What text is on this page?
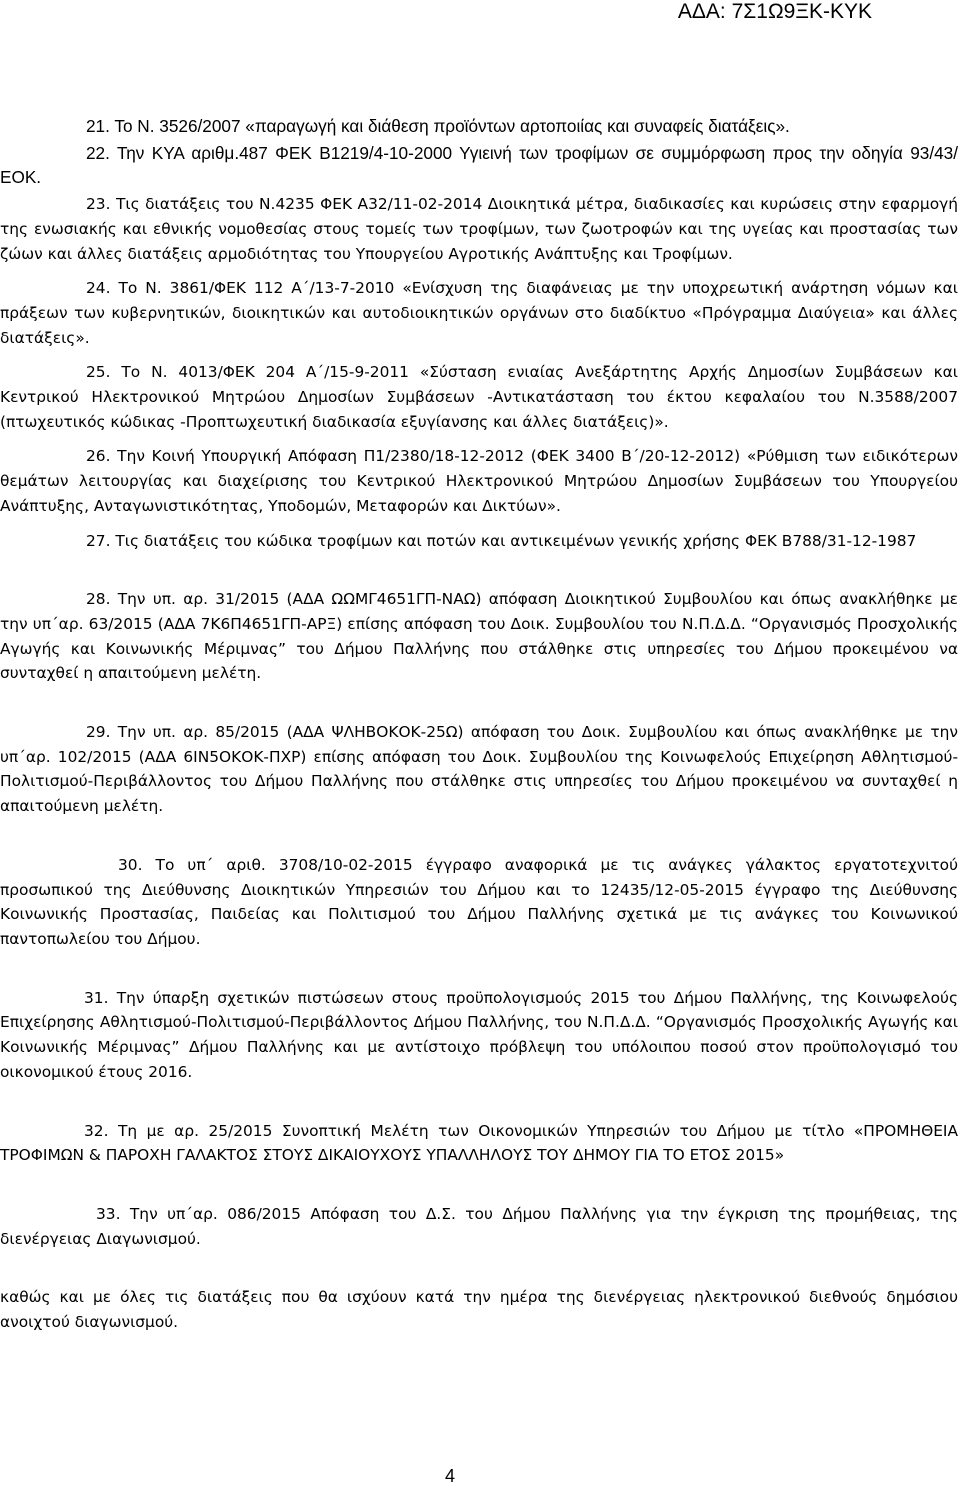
ΑΔΑ: 7Σ1Ω9ΞΚ-ΚΥΚ

21. Το Ν. 3526/2007 «παραγωγή και διάθεση προϊόντων αρτοποιίας και συναφείς διατάξεις».

22. Την ΚΥΑ αριθμ.487 ΦΕΚ Β1219/4-10-2000 Υγιεινή των τροφίμων σε συμμόρφωση προς την οδηγία 93/43/ΕΟΚ.

23. Τις διατάξεις του Ν.4235 ΦΕΚ Α32/11-02-2014 Διοικητικά μέτρα, διαδικασίες και κυρώσεις στην εφαρμογή της ενωσιακής και εθνικής νομοθεσίας στους τομείς των τροφίμων, των ζωοτροφών και της υγείας και προστασίας των ζώων και άλλες διατάξεις αρμοδιότητας του Υπουργείου Αγροτικής Ανάπτυξης και Τροφίμων.

24. Το Ν. 3861/ΦΕΚ 112 Α΄/13-7-2010 «Ενίσχυση της διαφάνειας με την υποχρεωτική ανάρτηση νόμων και πράξεων των κυβερνητικών, διοικητικών και αυτοδιοικητικών οργάνων στο διαδίκτυο «Πρόγραμμα Διαύγεια» και άλλες διατάξεις».

25. Το Ν. 4013/ΦΕΚ 204 Α΄/15-9-2011 «Σύσταση ενιαίας Ανεξάρτητης Αρχής Δημοσίων Συμβάσεων και Κεντρικού Ηλεκτρονικού Μητρώου Δημοσίων Συμβάσεων -Αντικατάσταση του έκτου κεφαλαίου του Ν.3588/2007 (πτωχευτικός κώδικας -Προπτωχευτική διαδικασία εξυγίανσης και άλλες διατάξεις)».

26. Την Κοινή Υπουργική Απόφαση Π1/2380/18-12-2012 (ΦΕΚ 3400 Β΄/20-12-2012) «Ρύθμιση των ειδικότερων θεμάτων λειτουργίας και διαχείρισης του Κεντρικού Ηλεκτρονικού Μητρώου Δημοσίων Συμβάσεων του Υπουργείου Ανάπτυξης, Ανταγωνιστικότητας, Υποδομών, Μεταφορών και Δικτύων».

27. Τις διατάξεις του κώδικα τροφίμων και ποτών και αντικειμένων γενικής χρήσης ΦΕΚ Β788/31-12-1987

28. Την υπ. αρ. 31/2015 (ΑΔΑ ΩΩΜΓ4651ΓΠ-ΝΑΩ) απόφαση Διοικητικού Συμβουλίου και όπως ανακλήθηκε με την υπ΄αρ. 63/2015 (ΑΔΑ 7Κ6Π4651ΓΠ-ΑΡΞ) επίσης απόφαση του Δοικ. Συμβουλίου του Ν.Π.Δ.Δ. “Οργανισμός Προσχολικής Αγωγής και Κοινωνικής Μέριμνας” του Δήμου Παλλήνης που στάλθηκε στις υπηρεσίες του Δήμου προκειμένου να συνταχθεί η απαιτούμενη μελέτη.

29. Την υπ. αρ. 85/2015 (ΑΔΑ ΨΛΗΒΟΚΟΚ-25Ω) απόφαση του Δοικ. Συμβουλίου και όπως ανακλήθηκε με την υπ΄αρ. 102/2015 (ΑΔΑ 6ΙΝ5ΟΚΟΚ-ΠΧΡ) επίσης απόφαση του Δοικ. Συμβουλίου της Κοινωφελούς Επιχείρηση Αθλητισμού-Πολιτισμού-Περιβάλλοντος του Δήμου Παλλήνης που στάλθηκε στις υπηρεσίες του Δήμου προκειμένου να συνταχθεί η απαιτούμενη μελέτη.

30. Το υπ΄ αριθ. 3708/10-02-2015 έγγραφο αναφορικά με τις ανάγκες γάλακτος εργατοτεχνιτού προσωπικού της Διεύθυνσης Διοικητικών Υπηρεσιών του Δήμου και το 12435/12-05-2015 έγγραφο της Διεύθυνσης Κοινωνικής Προστασίας, Παιδείας και Πολιτισμού του Δήμου Παλλήνης σχετικά με τις ανάγκες του Κοινωνικού παντοπωλείου του Δήμου.

31. Την ύπαρξη σχετικών πιστώσεων στους προϋπολογισμούς 2015 του Δήμου Παλλήνης, της Κοινωφελούς Επιχείρησης Αθλητισμού-Πολιτισμού-Περιβάλλοντος Δήμου Παλλήνης, του Ν.Π.Δ.Δ. “Οργανισμός Προσχολικής Αγωγής και Κοινωνικής Μέριμνας” Δήμου Παλλήνης και με αντίστοιχο πρόβλεψη του υπόλοιπου ποσού στον προϋπολογισμό του οικονομικού έτους 2016.

32. Τη με αρ. 25/2015 Συνοπτική Μελέτη των Οικονομικών Υπηρεσιών του Δήμου με τίτλο «ΠΡΟΜΗΘΕΙΑ ΤΡΟΦΙΜΩΝ & ΠΑΡΟΧΗ ΓΑΛΑΚΤΟΣ ΣΤΟΥΣ ΔΙΚΑΙΟΥΧΟΥΣ ΥΠΑΛΛΗΛΟΥΣ ΤΟΥ ΔΗΜΟΥ ΓΙΑ ΤΟ ΕΤΟΣ 2015»

33. Την υπ΄αρ. 086/2015 Απόφαση του Δ.Σ. του Δήμου Παλλήνης για την έγκριση της προμήθειας, της διενέργειας Διαγωνισμού.

καθώς και με όλες τις διατάξεις που θα ισχύουν κατά την ημέρα της διενέργειας ηλεκτρονικού διεθνούς δημόσιου ανοιχτού διαγωνισμού.

4
